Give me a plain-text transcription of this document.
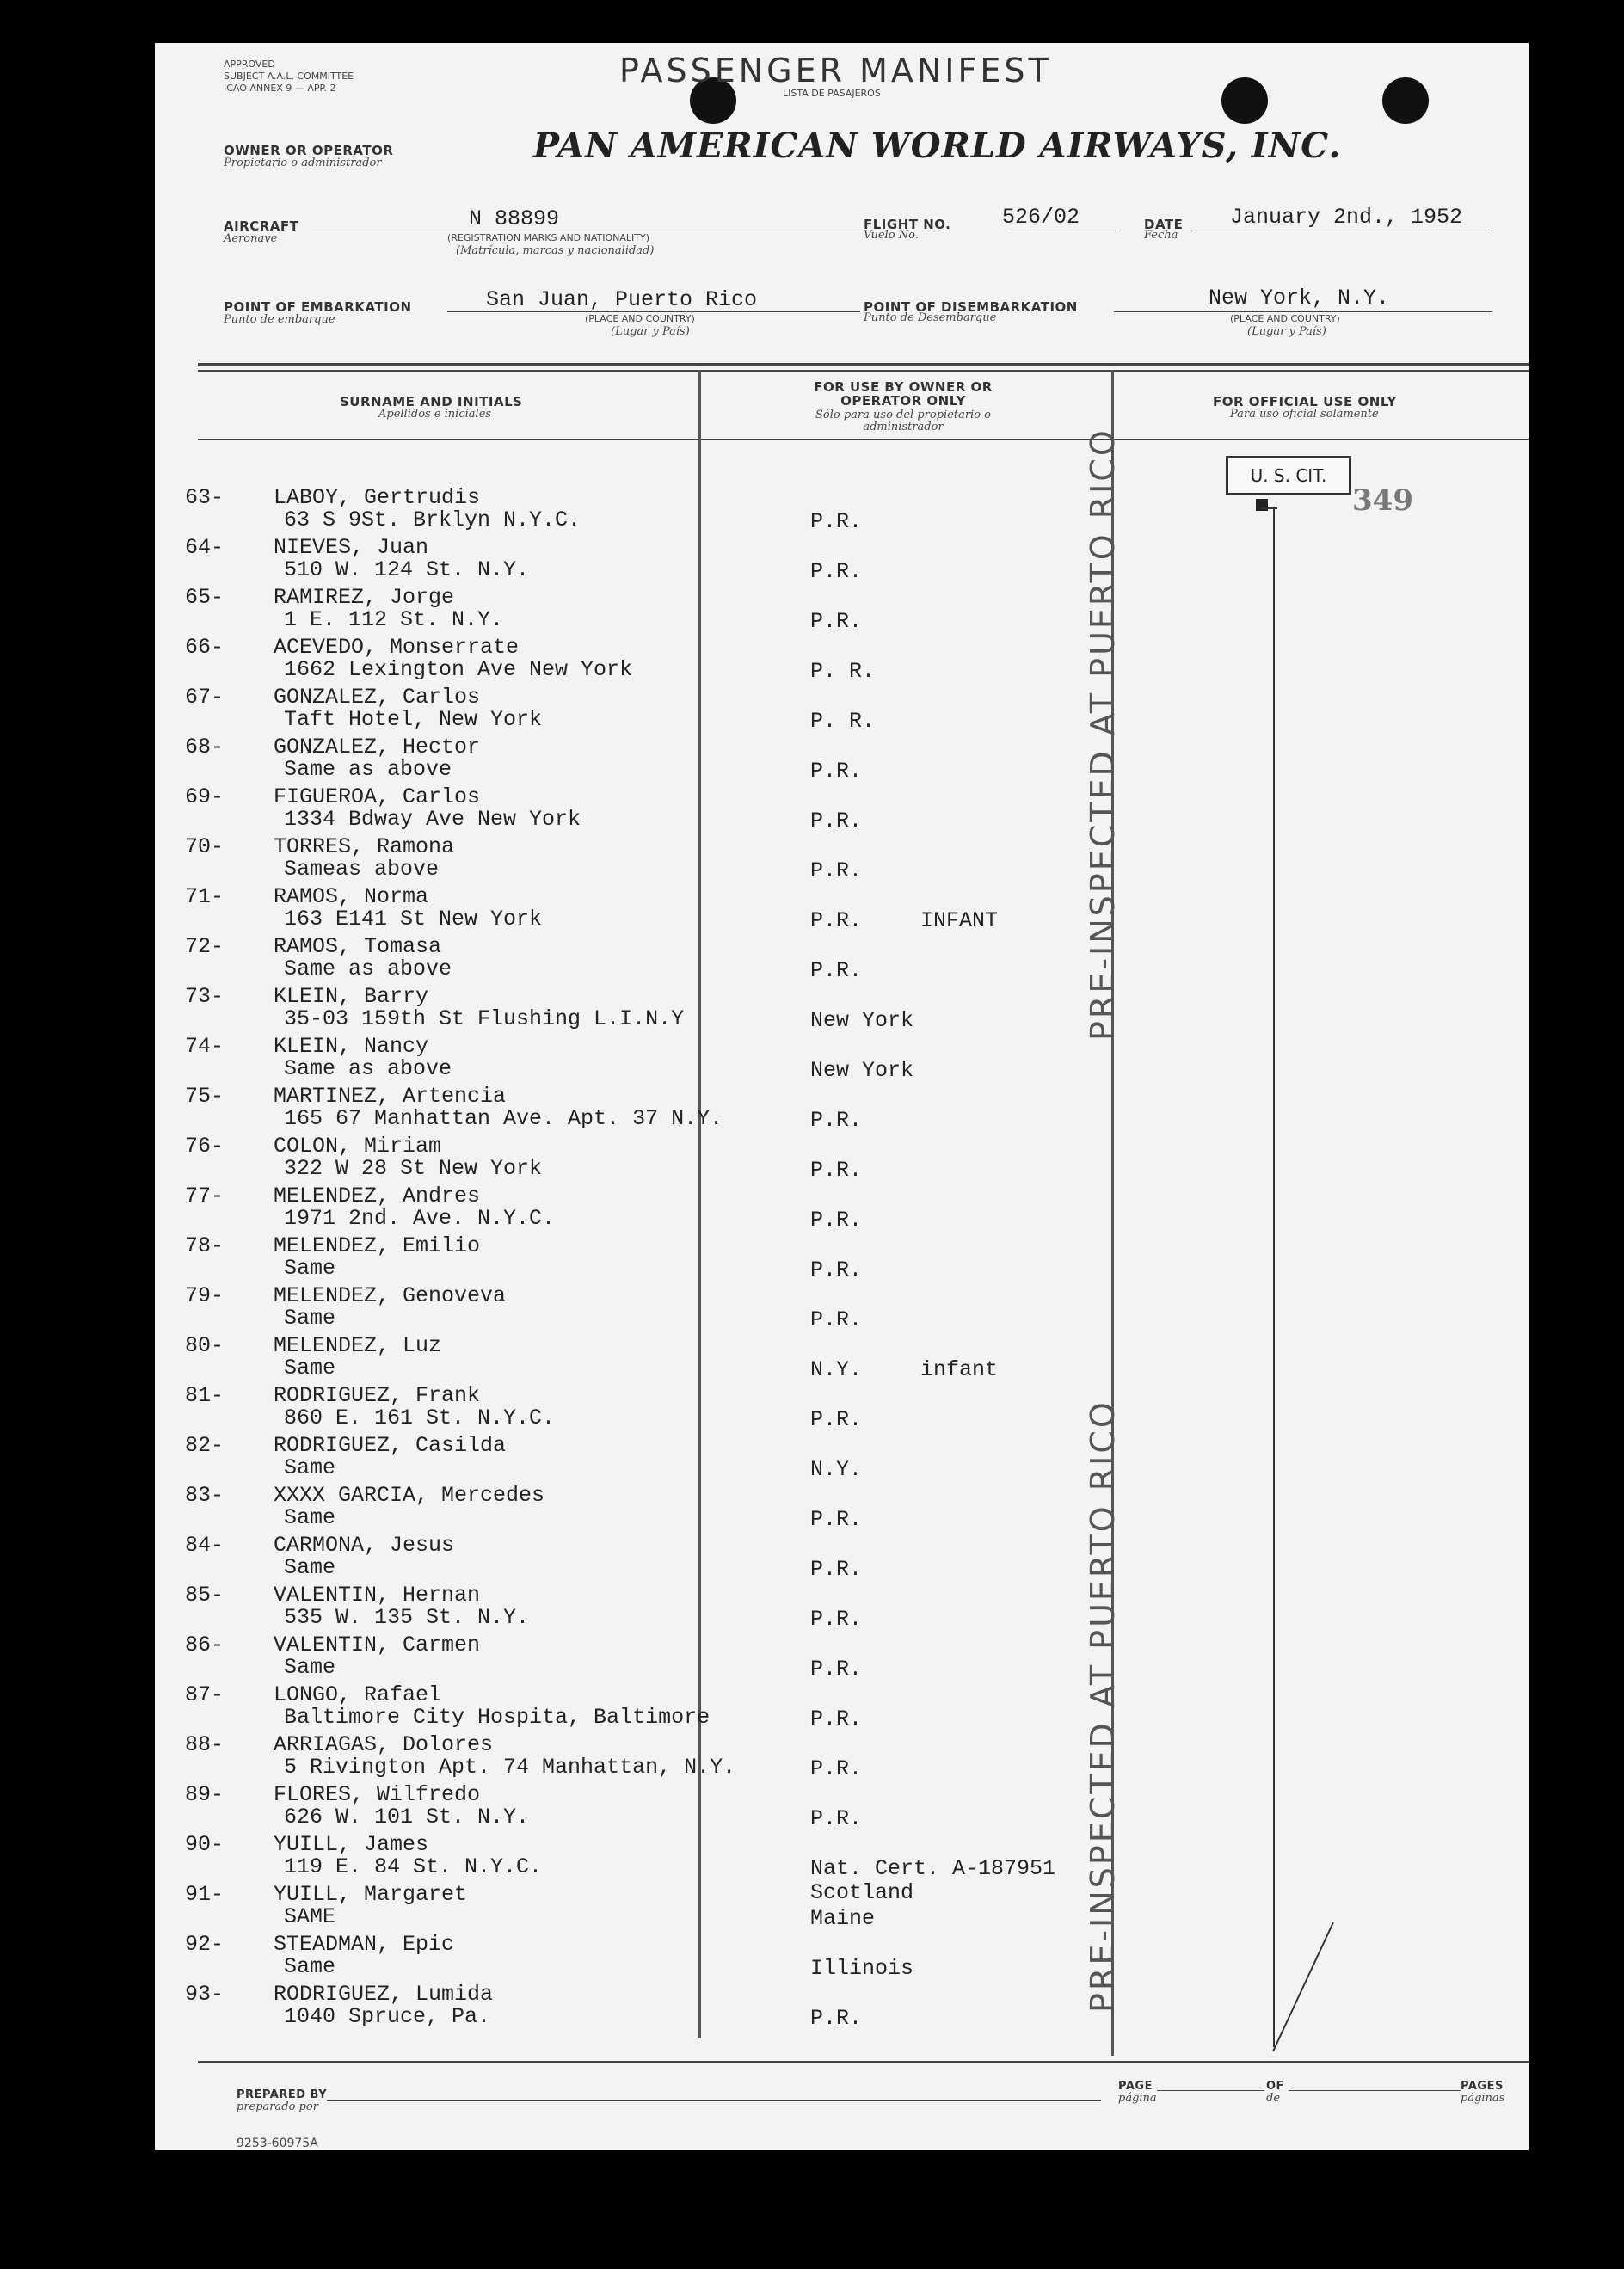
APPROVED
SUBJECT A.A.L. COMMITTEE
ICAO ANNEX 9 — APP. 2	PASSENGER MANIFEST
LISTA DE PASAJEROS
OWNER OR OPERATOR
Propietario o administrador	PAN AMERICAN WORLD AIRWAYS, INC.
AIRCRAFT
Aeronave
N 88899
(REGISTRATION MARKS AND NATIONALITY)
(Matrícula, marcas y nacionalidad)
FLIGHT NO.
Vuelo No.
526/02	DATE
Fecha
January 2nd., 1952
POINT OF EMBARKATION
Punto de embarque
San Juan, Puerto Rico
(PLACE AND COUNTRY)
(Lugar y País)
POINT OF DISEMBARKATION
Punto de Desembarque
New York, N.Y.
(PLACE AND COUNTRY)
(Lugar y País)
SURNAME AND INITIALS
Apellidos e iniciales
FOR USE BY OWNER OR OPERATOR ONLY
Sólo para uso del propietario o administrador
FOR OFFICIAL USE ONLY
Para uso oficial solamente
63- LABOY, Gertrudis
63 S 9St. Brklyn N.Y.C.	P.R.
64- NIEVES, Juan
510 W. 124 St. N.Y.	P.R.
65- RAMIREZ, Jorge
1 E. 112 St. N.Y.	P.R.
66- ACEVEDO, Monserrate
1662 Lexington Ave New York	P. R.
67- GONZALEZ, Carlos
Taft Hotel, New York	P. R.
68- GONZALEZ, Hector
Same as above	P.R.
69- FIGUEROA, Carlos
1334 Bdway Ave New York	P.R.
70- TORRES, Ramona
Sameas above	P.R.
71- RAMOS, Norma
163 E141 St New York	P.R.	INFANT
72- RAMOS, Tomasa
Same as above	P.R.
73- KLEIN, Barry
35-03 159th St Flushing L.I.N.Y	New York
74- KLEIN, Nancy
Same as above	New York
75- MARTINEZ, Artencia
165 67 Manhattan Ave. Apt. 37 N.Y.	P.R.
76- COLON, Miriam
322 W 28 St New York	P.R.
77- MELENDEZ, Andres
1971 2nd. Ave. N.Y.C.	P.R.
78- MELENDEZ, Emilio
Same	P.R.
79- MELENDEZ, Genoveva
Same	P.R.
80- MELENDEZ, Luz
Same	N.Y.	infant
81- RODRIGUEZ, Frank
860 E. 161 St. N.Y.C.	P.R.
82- RODRIGUEZ, Casilda
Same	N.Y.
83- XXXX GARCIA, Mercedes
Same	P.R.
84- CARMONA, Jesus
Same	P.R.
85- VALENTIN, Hernan
535 W. 135 St. N.Y.	P.R.
86- VALENTIN, Carmen
Same	P.R.
87- LONGO, Rafael
Baltimore City Hospita, Baltimore	P.R.
88- ARRIAGAS, Dolores
5 Rivington Apt. 74 Manhattan, N.Y.	P.R.
89- FLORES, Wilfredo
626 W. 101 St. N.Y.	P.R.
90- YUILL, James
119 E. 84 St. N.Y.C.	Nat. Cert. A-187951
Scotland
91- YUILL, Margaret
SAME	Maine
92- STEADMAN, Epic
Same	Illinois
93- RODRIGUEZ, Lumida
1040 Spruce, Pa.	P.R.
U. S. CIT.
349
PRE-INSPECTED AT PUERTO RICO
PRE-INSPECTED AT PUERTO RICO
PREPARED BY
preparado por
PAGE
página
OF
de
PAGES
páginas
9253-60975A
